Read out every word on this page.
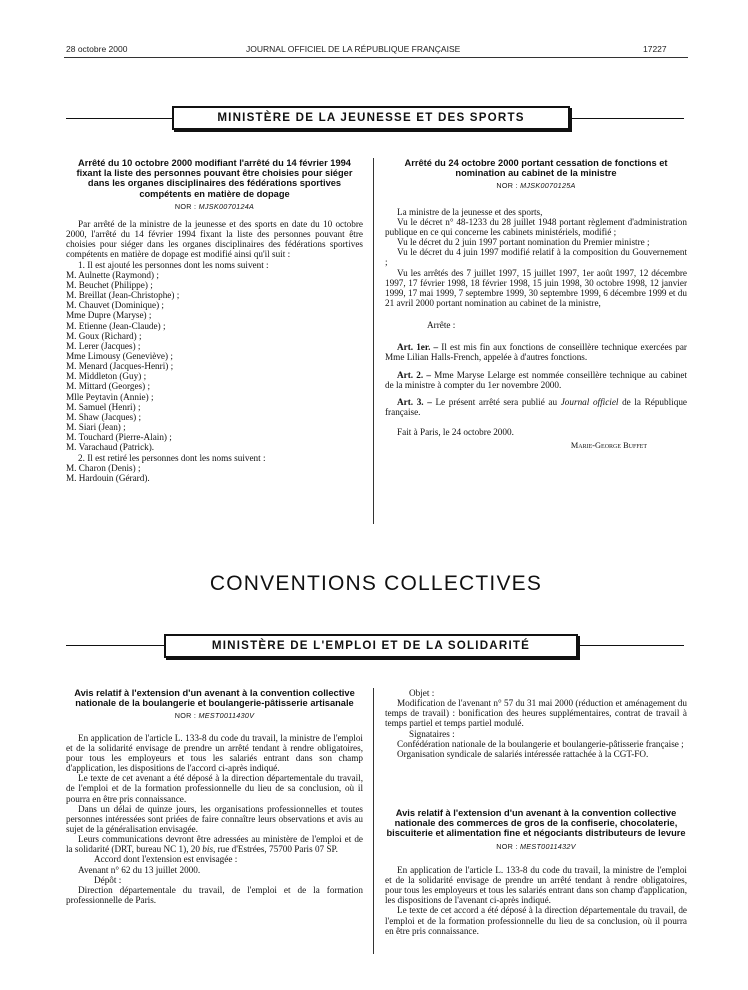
28 octobre 2000	JOURNAL OFFICIEL DE LA RÉPUBLIQUE FRANÇAISE	17227
MINISTÈRE DE LA JEUNESSE ET DES SPORTS
Arrêté du 10 octobre 2000 modifiant l'arrêté du 14 février 1994 fixant la liste des personnes pouvant être choisies pour siéger dans les organes disciplinaires des fédérations sportives compétents en matière de dopage
NOR : MJSK0070124A

Par arrêté de la ministre de la jeunesse et des sports en date du 10 octobre 2000, l'arrêté du 14 février 1994 fixant la liste des personnes pouvant être choisies pour siéger dans les organes disciplinaires des fédérations sportives compétents en matière de dopage est modifié ainsi qu'il suit :

1. Il est ajouté les personnes dont les noms suivent :

M. Aulnette (Raymond) ;

M. Beuchet (Philippe) ;

M. Breillat (Jean-Christophe) ;

M. Chauvet (Dominique) ;

Mme Dupre (Maryse) ;

M. Etienne (Jean-Claude) ;

M. Goux (Richard) ;

M. Lerer (Jacques) ;

Mme Limousy (Geneviève) ;

M. Menard (Jacques-Henri) ;

M. Middleton (Guy) ;

M. Mittard (Georges) ;

Mlle Peytavin (Annie) ;

M. Samuel (Henri) ;

M. Shaw (Jacques) ;

M. Siari (Jean) ;

M. Touchard (Pierre-Alain) ;

M. Varachaud (Patrick).

2. Il est retiré les personnes dont les noms suivent :

M. Charon (Denis) ;

M. Hardouin (Gérard).

Arrêté du 24 octobre 2000 portant cessation de fonctions et nomination au cabinet de la ministre
NOR : MJSK0070125A

La ministre de la jeunesse et des sports,

Vu le décret n° 48-1233 du 28 juillet 1948 portant règlement d'administration publique en ce qui concerne les cabinets ministériels, modifié ;

Vu le décret du 2 juin 1997 portant nomination du Premier ministre ;

Vu le décret du 4 juin 1997 modifié relatif à la composition du Gouvernement ;

Vu les arrêtés des 7 juillet 1997, 15 juillet 1997, 1er août 1997, 12 décembre 1997, 17 février 1998, 18 février 1998, 15 juin 1998, 30 octobre 1998, 12 janvier 1999, 17 mai 1999, 7 septembre 1999, 30 septembre 1999, 6 décembre 1999 et du 21 avril 2000 portant nomination au cabinet de la ministre,

Arrête :

Art. 1er. – Il est mis fin aux fonctions de conseillère technique exercées par Mme Lilian Halls-French, appelée à d'autres fonctions.

Art. 2. – Mme Maryse Lelarge est nommée conseillère technique au cabinet de la ministre à compter du 1er novembre 2000.

Art. 3. – Le présent arrêté sera publié au Journal officiel de la République française.

Fait à Paris, le 24 octobre 2000.

Marie-George Buffet

CONVENTIONS COLLECTIVES
MINISTÈRE DE L'EMPLOI ET DE LA SOLIDARITÉ
Avis relatif à l'extension d'un avenant à la convention collective nationale de la boulangerie et boulangerie-pâtisserie artisanale
NOR : MEST0011430V

En application de l'article L. 133-8 du code du travail, la ministre de l'emploi et de la solidarité envisage de prendre un arrêté tendant à rendre obligatoires, pour tous les employeurs et tous les salariés entrant dans son champ d'application, les dispositions de l'accord ci-après indiqué.

Le texte de cet avenant a été déposé à la direction départementale du travail, de l'emploi et de la formation professionnelle du lieu de sa conclusion, où il pourra en être pris connaissance.

Dans un délai de quinze jours, les organisations professionnelles et toutes personnes intéressées sont priées de faire connaître leurs observations et avis au sujet de la généralisation envisagée.

Leurs communications devront être adressées au ministère de l'emploi et de la solidarité (DRT, bureau NC 1), 20 bis, rue d'Estrées, 75700 Paris 07 SP.

Accord dont l'extension est envisagée :

Avenant n° 62 du 13 juillet 2000.

Dépôt :

Direction départementale du travail, de l'emploi et de la formation professionnelle de Paris.

Objet :

Modification de l'avenant n° 57 du 31 mai 2000 (réduction et aménagement du temps de travail) : bonification des heures supplémentaires, contrat de travail à temps partiel et temps partiel modulé.

Signataires :

Confédération nationale de la boulangerie et boulangerie-pâtisserie française ;

Organisation syndicale de salariés intéressée rattachée à la CGT-FO.

Avis relatif à l'extension d'un avenant à la convention collective nationale des commerces de gros de la confiserie, chocolaterie, biscuiterie et alimentation fine et négociants distributeurs de levure
NOR : MEST0011432V

En application de l'article L. 133-8 du code du travail, la ministre de l'emploi et de la solidarité envisage de prendre un arrêté tendant à rendre obligatoires, pour tous les employeurs et tous les salariés entrant dans son champ d'application, les dispositions de l'avenant ci-après indiqué.

Le texte de cet accord a été déposé à la direction départementale du travail, de l'emploi et de la formation professionnelle du lieu de sa conclusion, où il pourra en être pris connaissance.
